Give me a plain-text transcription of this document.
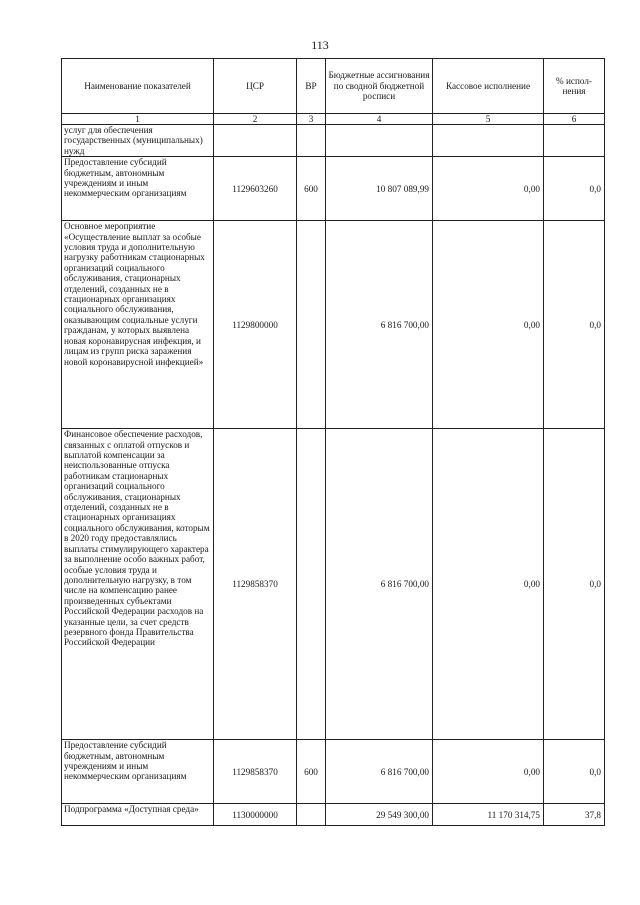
113
Наименование показателей	ЦСР	ВР	Бюджетные ассигнования по сводной бюджетной росписи	Кассовое исполнение	% испол-нения
1	2	3	4	5	6
услуг для обеспечения государственных (муниципальных) нужд					
Предоставление субсидий бюджетным, автономным учреждениям и иным некоммерческим организациям	1129603260	600	10 807 089,99	0,00	0,0
Основное мероприятие «Осуществление выплат за особые условия труда и дополнительную нагрузку работникам стационарных организаций социального обслуживания, стационарных отделений, созданных не в стационарных организациях социального обслуживания, оказывающим социальные услуги гражданам, у которых выявлена новая коронавирусная инфекция, и лицам из групп риска заражения новой коронавирусной инфекцией»	1129800000		6 816 700,00	0,00	0,0
Финансовое обеспечение расходов, связанных с оплатой отпусков и выплатой компенсации за неиспользованные отпуска работникам стационарных организаций социального обслуживания, стационарных отделений, созданных не в стационарных организациях социального обслуживания, которым в 2020 году предоставлялись выплаты стимулирующего характера за выполнение особо важных работ, особые условия труда и дополнительную нагрузку, в том числе на компенсацию ранее произведенных субъектами Российской Федерации расходов на указанные цели, за счет средств резервного фонда Правительства Российской Федерации	1129858370		6 816 700,00	0,00	0,0
Предоставление субсидий бюджетным, автономным учреждениям и иным некоммерческим организациям	1129858370	600	6 816 700,00	0,00	0,0
Подпрограмма «Доступная среда»	1130000000		29 549 300,00	11 170 314,75	37,8
